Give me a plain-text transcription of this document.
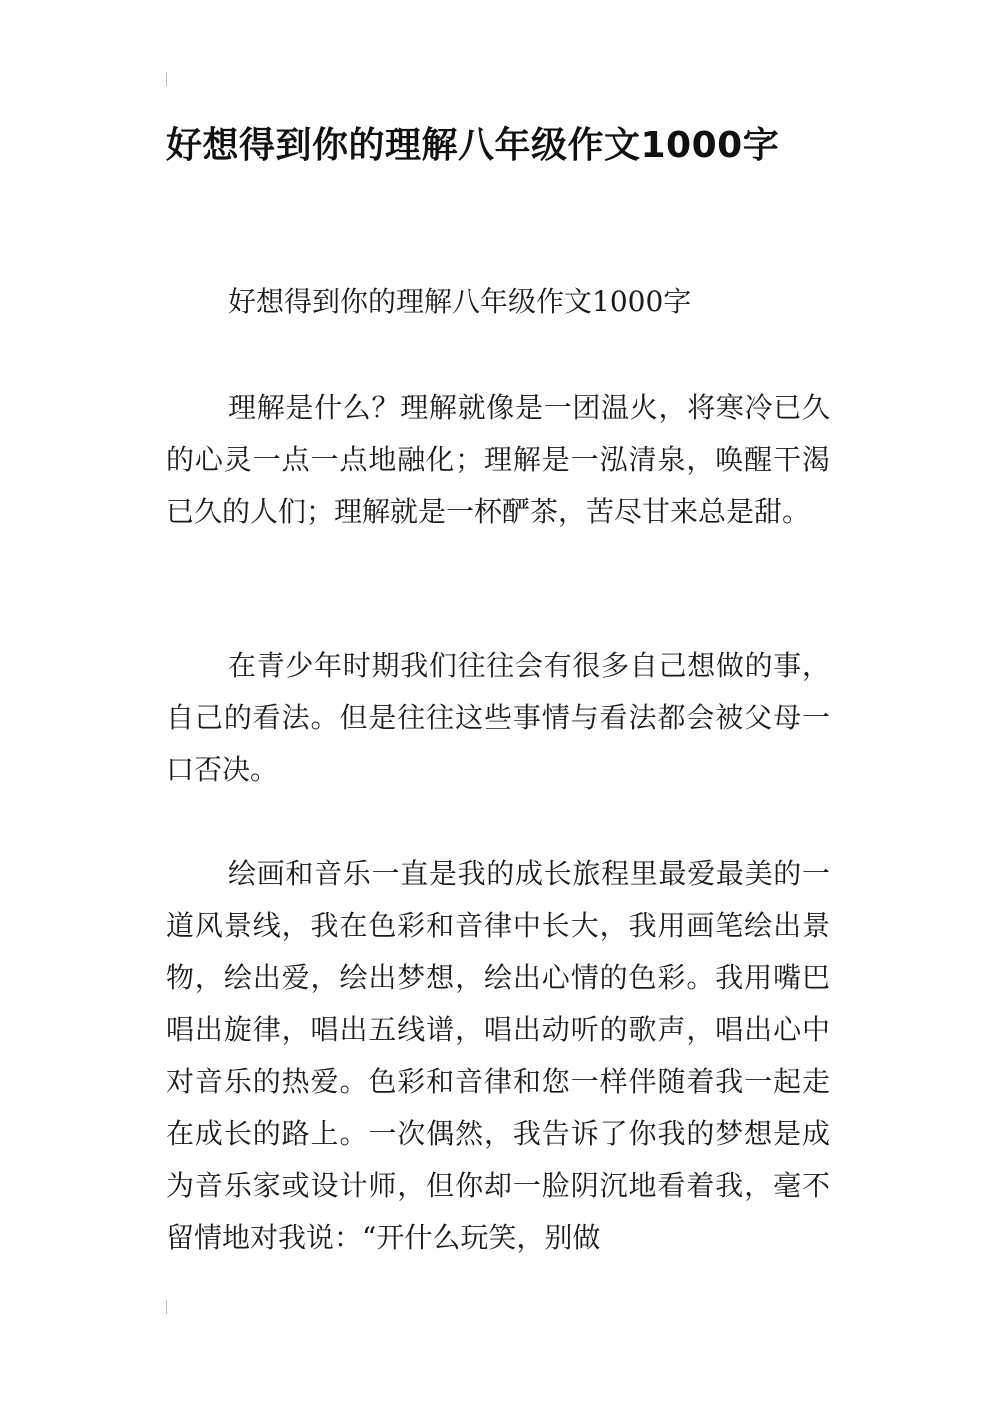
好想得到你的理解八年级作文1000字

好想得到你的理解八年级作文1000字

理解是什么？理解就像是一团温火，将寒冷已久的心灵一点一点地融化；理解是一泓清泉，唤醒干渴已久的人们；理解就是一杯酽茶，苦尽甘来总是甜。

在青少年时期我们往往会有很多自己想做的事，自己的看法。但是往往这些事情与看法都会被父母一口否决。

绘画和音乐一直是我的成长旅程里最爱最美的一道风景线，我在色彩和音律中长大，我用画笔绘出景物，绘出爱，绘出梦想，绘出心情的色彩。我用嘴巴唱出旋律，唱出五线谱，唱出动听的歌声，唱出心中对音乐的热爱。色彩和音律和您一样伴随着我一起走在成长的路上。一次偶然，我告诉了你我的梦想是成为音乐家或设计师，但你却一脸阴沉地看着我，毫不留情地对我说：“开什么玩笑，别做
